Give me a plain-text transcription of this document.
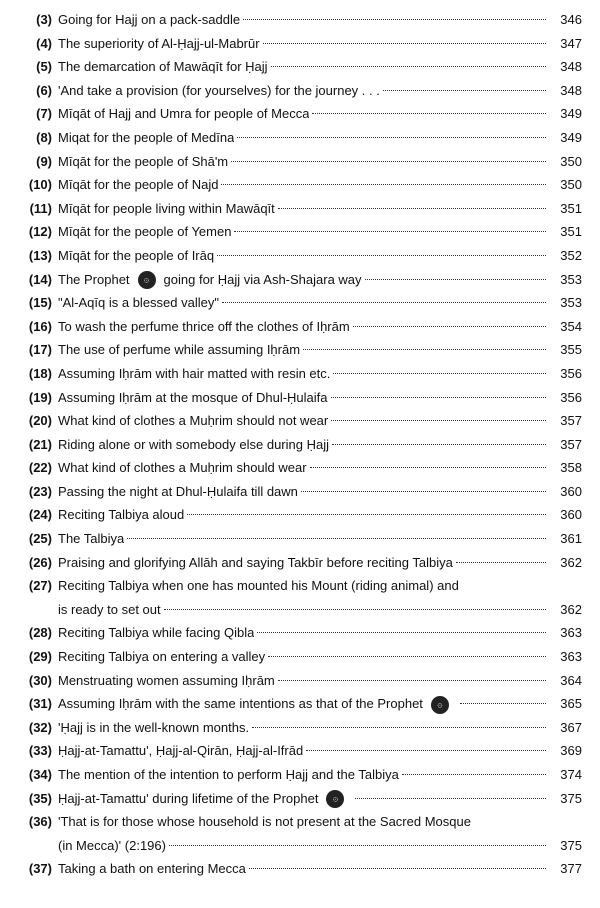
(3) Going for Hajj on a pack-saddle	346
(4) The superiority of Al-Ḥajj-ul-Mabrūr	347
(5) The demarcation of Mawāqīt for Ḥajj	348
(6) 'And take a provision (for yourselves) for the journey . . .	348
(7) Mīqāt of Hajj and Umra for people of Mecca	349
(8) Miqat for the people of Medīna	349
(9) Mīqāt for the people of Shā'm	350
(10) Mīqāt for the people of Najd	350
(11) Mīqāt for people living within Mawāqīt	351
(12) Mīqāt for the people of Yemen	351
(13) Mīqāt for the people of Irāq	352
(14) The Prophet ۞ going for Ḥajj via Ash-Shajara way	353
(15) "Al-Aqīq is a blessed valley"	353
(16) To wash the perfume thrice off the clothes of Iḥrām	354
(17) The use of perfume while assuming Iḥrām	355
(18) Assuming Iḥrām with hair matted with resin etc.	356
(19) Assuming Iḥrām at the mosque of Dhul-Ḥulaifa	356
(20) What kind of clothes a Muḥrim should not wear	357
(21) Riding alone or with somebody else during Ḥajj	357
(22) What kind of clothes a Muḥrim should wear	358
(23) Passing the night at Dhul-Ḥulaifa till dawn	360
(24) Reciting Talbiya aloud	360
(25) The Talbiya	361
(26) Praising and glorifying Allāh and saying Takbīr before reciting Talbiya	362
(27) Reciting Talbiya when one has mounted his Mount (riding animal) and
is ready to set out	362
(28) Reciting Talbiya while facing Qibla	363
(29) Reciting Talbiya on entering a valley	363
(30) Menstruating women assuming Iḥrām	364
(31) Assuming Iḥrām with the same intentions as that of the Prophet ۞	365
(32) 'Ḥajj is in the well-known months.	367
(33) Ḥajj-at-Tamattu', Ḥajj-al-Qirān, Ḥajj-al-Ifrād	369
(34) The mention of the intention to perform Ḥajj and the Talbiya	374
(35) Ḥajj-at-Tamattu' during lifetime of the Prophet ۞	375
(36) 'That is for those whose household is not present at the Sacred Mosque
(in Mecca)' (2:196)	375
(37) Taking a bath on entering Mecca	377
